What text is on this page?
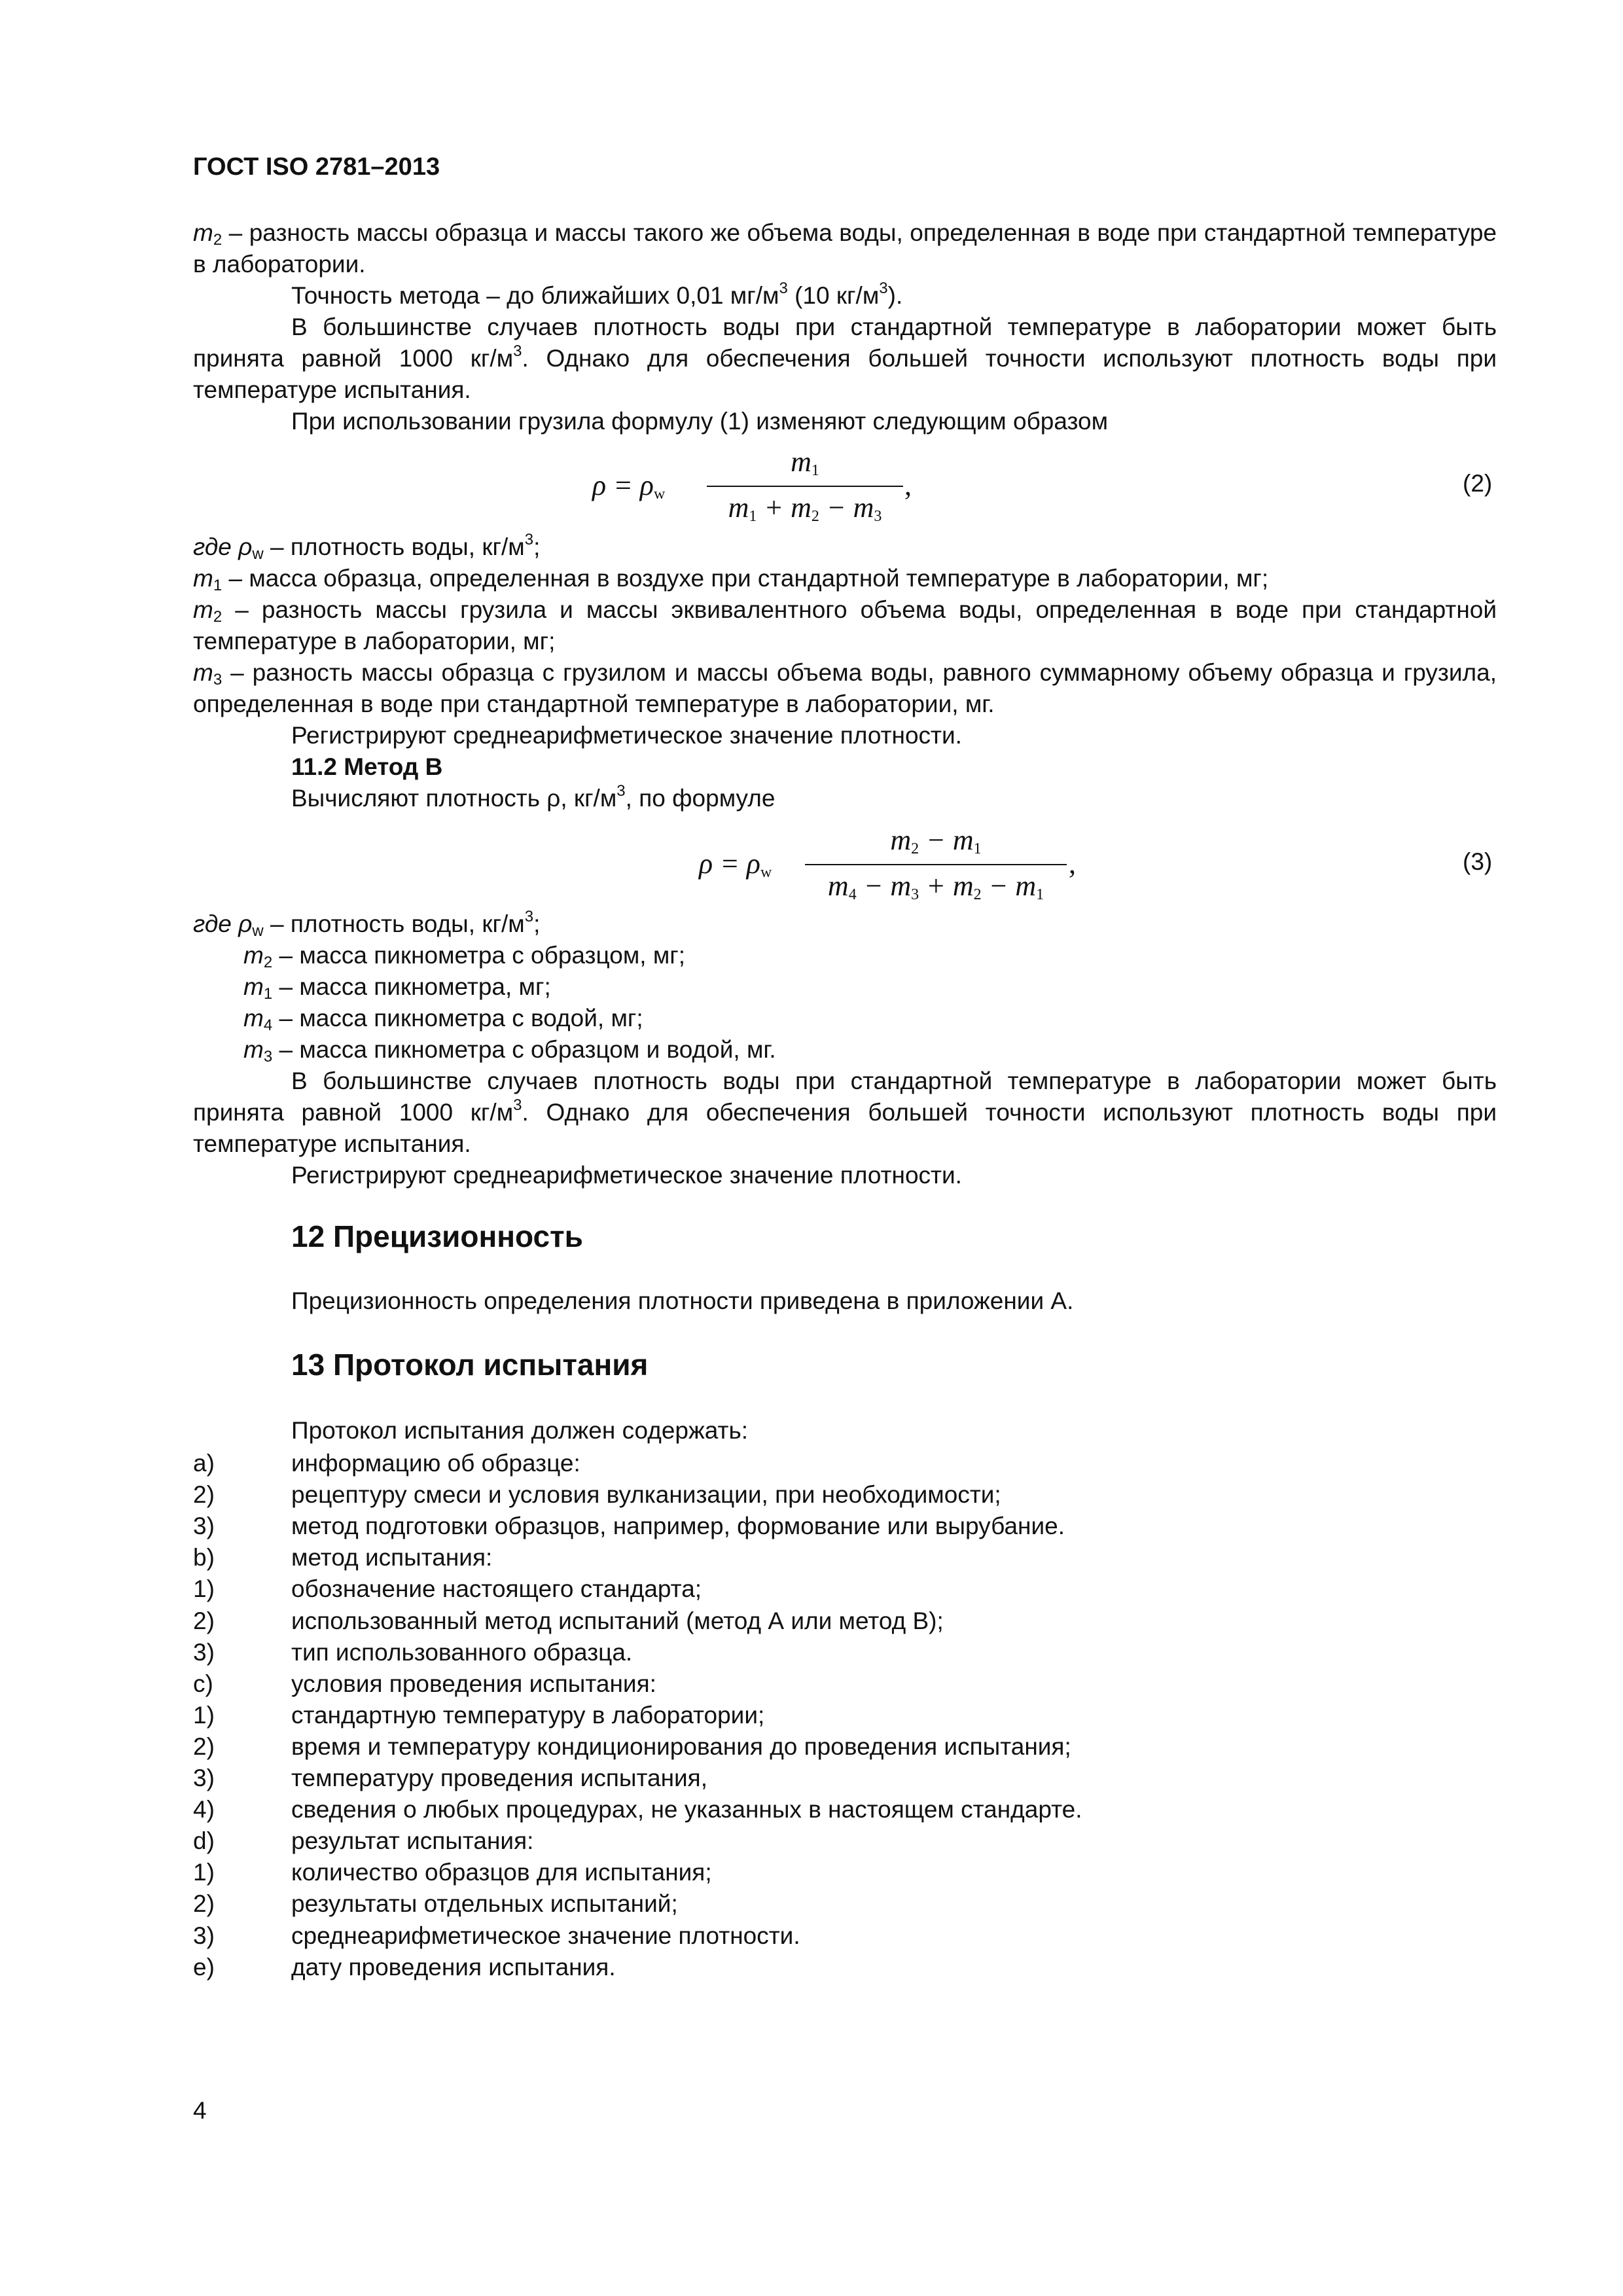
ГОСТ ISO 2781–2013
$m_2$ – разность массы образца и массы такого же объема воды, определенная в воде при стандартной температуре в лаборатории.
Точность метода – до ближайших 0,01 $мг/м^3$ (10 $кг/м^3$).
В большинстве случаев плотность воды при стандартной температуре в лаборатории может быть принята равной 1000 $кг/м^3$. Однако для обеспечения большей точности используют плотность воды при температуре испытания.
При использовании грузила формулу (1) изменяют следующим образом
$\rho = \rho_w$
$m_1$
$m_1 + m_2 - m_3$
,	(2)
где $\rho_w$ – плотность воды, $кг/м^3$;
$m_1$ – масса образца, определенная в воздухе при стандартной температуре в лаборатории, мг;
$m_2$ – разность массы грузила и массы эквивалентного объема воды, определенная в воде при стандартной температуре в лаборатории, мг;
$m_3$ – разность массы образца с грузилом и массы объема воды, равного суммарному объему образца и грузила, определенная в воде при стандартной температуре в лаборатории, мг.
Регистрируют среднеарифметическое значение плотности.
11.2 Метод В
Вычисляют плотность ρ, $кг/м^3$, по формуле
$\rho = \rho_w$
$m_2 - m_1$
$m_4 - m_3 + m_2 - m_1$
,	(3)
где $\rho_w$ – плотность воды, $кг/м^3$;
$m_2$ – масса пикнометра с образцом, мг;
$m_1$ – масса пикнометра, мг;
$m_4$ – масса пикнометра с водой, мг;
$m_3$ – масса пикнометра с образцом и водой, мг.
В большинстве случаев плотность воды при стандартной температуре в лаборатории может быть принята равной 1000 $кг/м^3$. Однако для обеспечения большей точности используют плотность воды при температуре испытания.
Регистрируют среднеарифметическое значение плотности.
12 Прецизионность
Прецизионность определения плотности приведена в приложении А.
13 Протокол испытания
Протокол испытания должен содержать:
a)	информацию об образце:
2)	рецептуру смеси и условия вулканизации, при необходимости;
3)	метод подготовки образцов, например, формование или вырубание.
b)	метод испытания:
1)	обозначение настоящего стандарта;
2)	использованный метод испытаний (метод А или метод В);
3)	тип использованного образца.
c)	условия проведения испытания:
1)	стандартную температуру в лаборатории;
2)	время и температуру кондиционирования до проведения испытания;
3)	температуру проведения испытания,
4)	сведения о любых процедурах, не указанных в настоящем стандарте.
d)	результат испытания:
1)	количество образцов для испытания;
2)	результаты отдельных испытаний;
3)	среднеарифметическое значение плотности.
e)	дату проведения испытания.
4
